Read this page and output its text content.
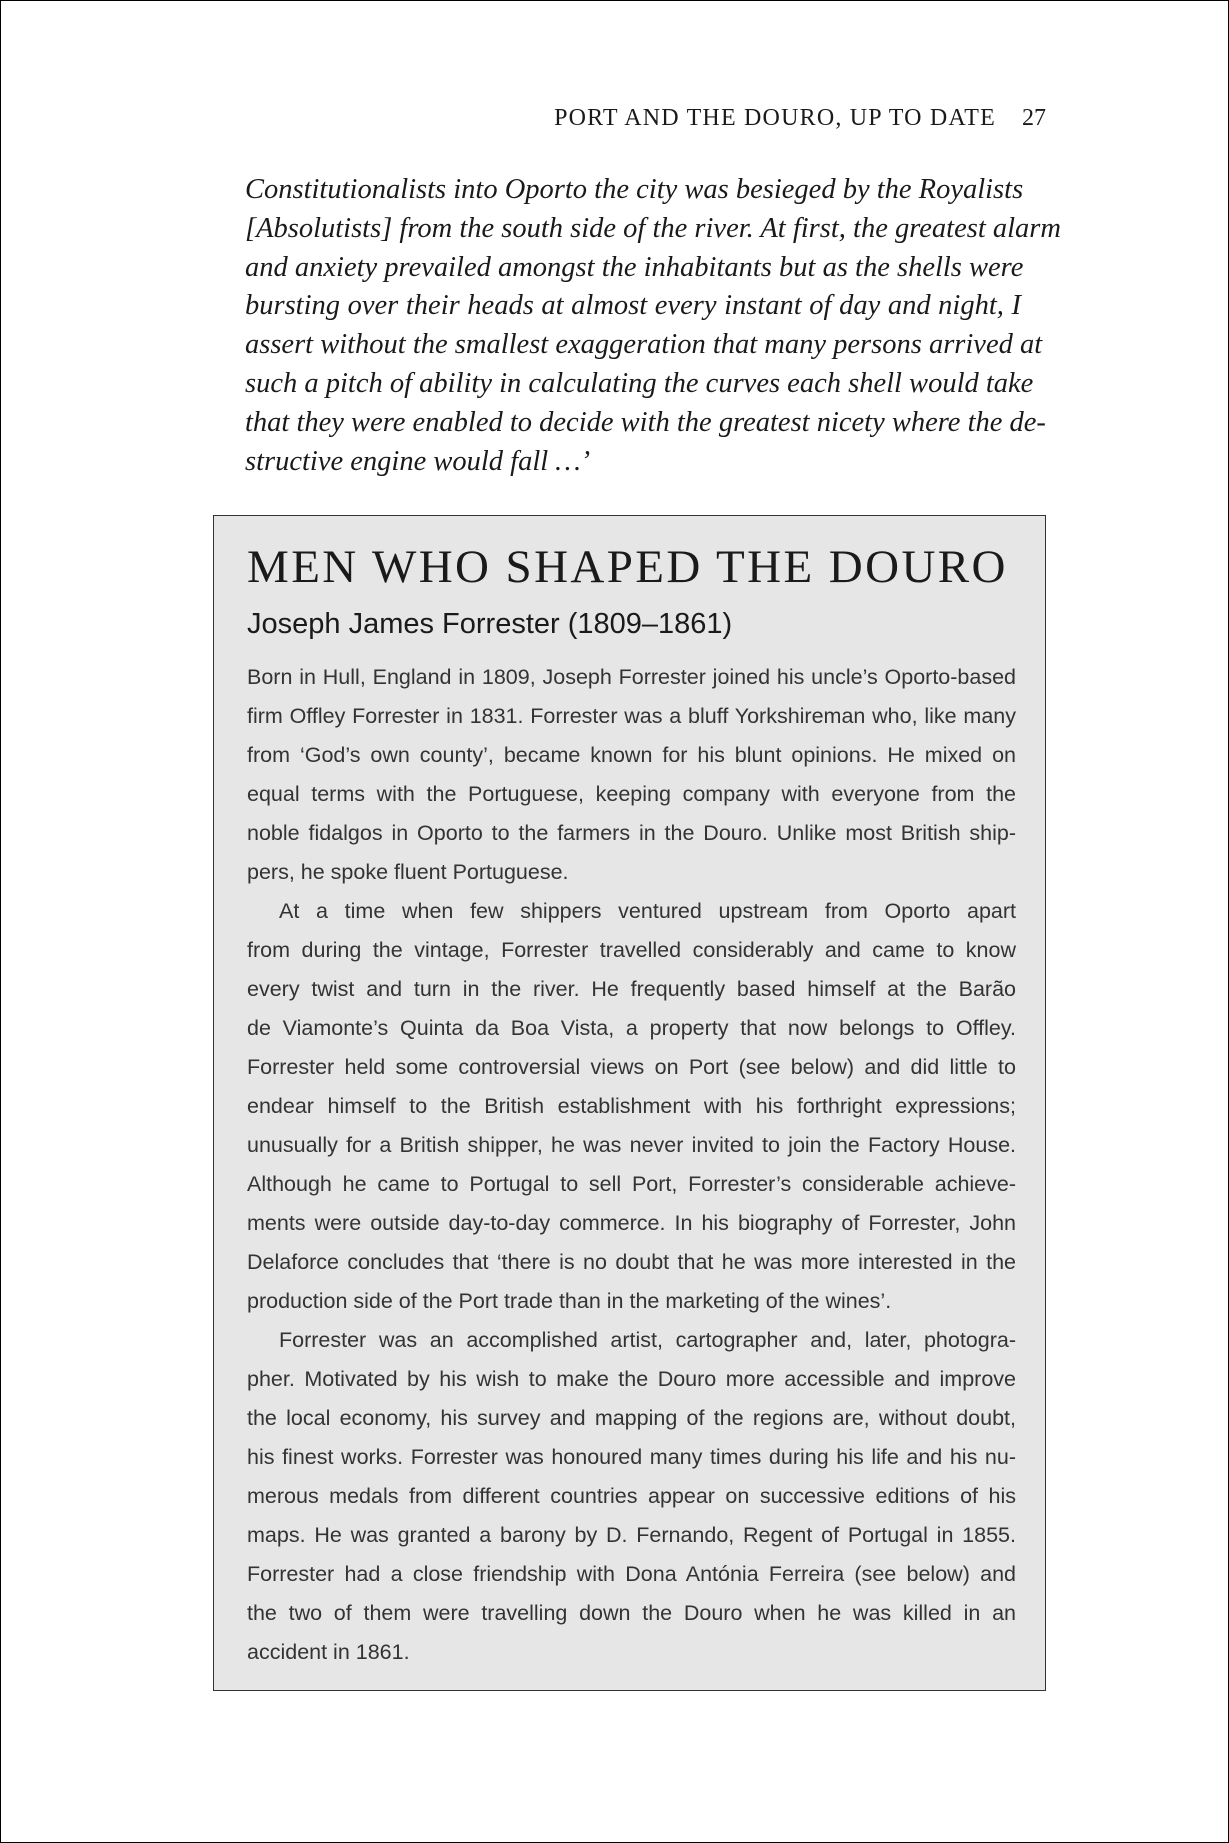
PORT AND THE DOURO, UP TO DATE 27
Constitutionalists into Oporto the city was besieged by the Royalists
[Absolutists] from the south side of the river. At first, the greatest alarm
and anxiety prevailed amongst the inhabitants but as the shells were
bursting over their heads at almost every instant of day and night, I
assert without the smallest exaggeration that many persons arrived at
such a pitch of ability in calculating the curves each shell would take
that they were enabled to decide with the greatest nicety where the de-
structive engine would fall …’
MEN WHO SHAPED THE DOURO
Joseph James Forrester (1809–1861)
Born in Hull, England in 1809, Joseph Forrester joined his uncle’s Oporto-based
firm Offley Forrester in 1831. Forrester was a bluff Yorkshireman who, like many
from ‘God’s own county’, became known for his blunt opinions. He mixed on
equal terms with the Portuguese, keeping company with everyone from the
noble fidalgos in Oporto to the farmers in the Douro. Unlike most British ship-
pers, he spoke fluent Portuguese.
At a time when few shippers ventured upstream from Oporto apart
from during the vintage, Forrester travelled considerably and came to know
every twist and turn in the river. He frequently based himself at the Barão
de Viamonte’s Quinta da Boa Vista, a property that now belongs to Offley.
Forrester held some controversial views on Port (see below) and did little to
endear himself to the British establishment with his forthright expressions;
unusually for a British shipper, he was never invited to join the Factory House.
Although he came to Portugal to sell Port, Forrester’s considerable achieve-
ments were outside day-to-day commerce. In his biography of Forrester, John
Delaforce concludes that ‘there is no doubt that he was more interested in the
production side of the Port trade than in the marketing of the wines’.
Forrester was an accomplished artist, cartographer and, later, photogra-
pher. Motivated by his wish to make the Douro more accessible and improve
the local economy, his survey and mapping of the regions are, without doubt,
his finest works. Forrester was honoured many times during his life and his nu-
merous medals from different countries appear on successive editions of his
maps. He was granted a barony by D. Fernando, Regent of Portugal in 1855.
Forrester had a close friendship with Dona Antónia Ferreira (see below) and
the two of them were travelling down the Douro when he was killed in an
accident in 1861.
